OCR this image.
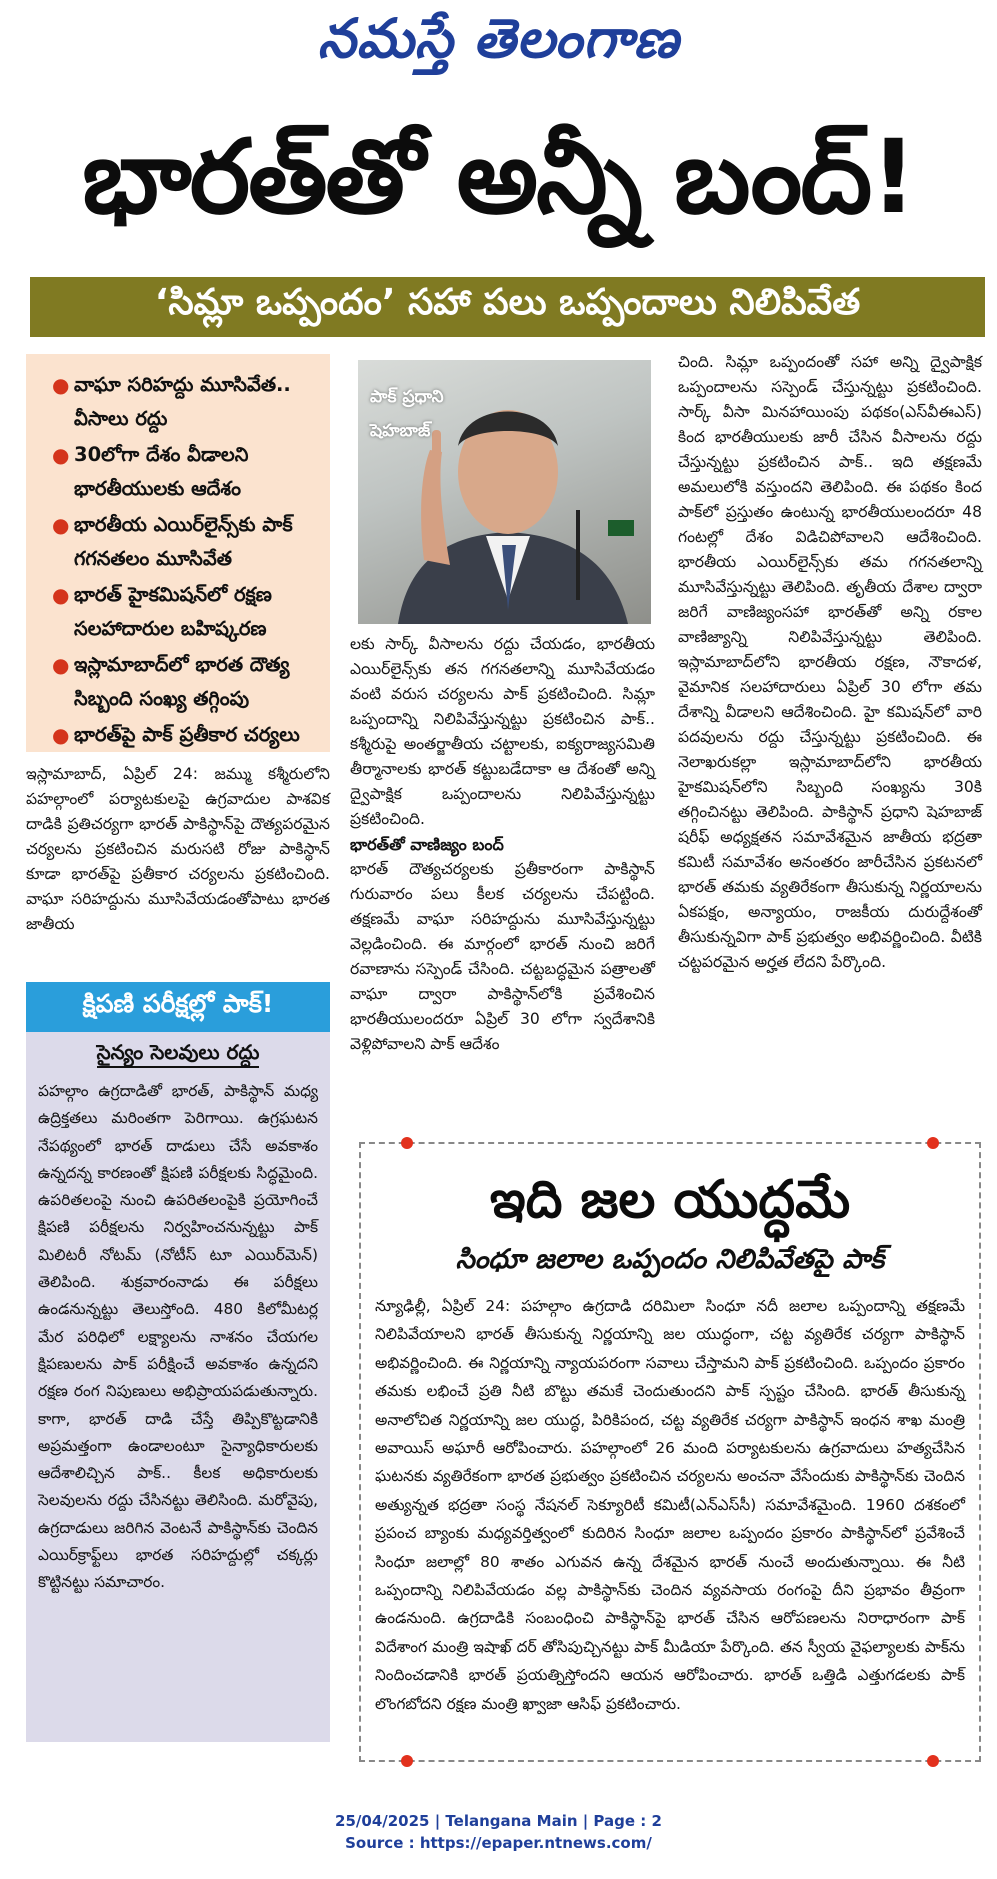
నమస్తే తెలంగాణ
భారత్‌తో అన్నీ బంద్!
‘సిమ్లా ఒప్పందం’ సహా పలు ఒప్పందాలు నిలిపివేత
● వాఘా సరిహద్దు మూసివేత.. వీసాలు రద్దు
● 30లోగా దేశం వీడాలని భారతీయులకు ఆదేశం
● భారతీయ ఎయిర్‌లైన్స్‌కు పాక్ గగనతలం మూసివేత
● భారత్ హైకమిషన్‌లో రక్షణ సలహాదారుల బహిష్కరణ
● ఇస్లామాబాద్‌లో భారత దౌత్య సిబ్బంది సంఖ్య తగ్గింపు
● భారత్‌పై పాక్ ప్రతీకార చర్యలు

ఇస్లామాబాద్, ఏప్రిల్ 24: జమ్ము కశ్మీరులోని పహల్గాంలో పర్యాటకులపై ఉగ్రవాదుల పాశవిక దాడికి ప్రతిచర్యగా భారత్ పాకిస్థాన్‌పై దౌత్యపరమైన చర్యలను ప్రకటించిన మరుసటి రోజు పాకిస్థాన్ కూడా భారత్‌పై ప్రతీకార చర్యలను ప్రకటించింది. వాఘా సరిహద్దును మూసివేయడంతోపాటు భారత జాతీయ

పాక్ ప్రధాని షెహబాజ్

లకు సార్క్ వీసాలను రద్దు చేయడం, భారతీయ ఎయిర్‌లైన్స్‌కు తన గగనతలాన్ని మూసివేయడం వంటి వరుస చర్యలను పాక్ ప్రకటించింది. సిమ్లా ఒప్పందాన్ని నిలిపివేస్తున్నట్టు ప్రకటించిన పాక్.. కశ్మీరుపై అంతర్జాతీయ చట్టాలకు, ఐక్యరాజ్యసమితి తీర్మానాలకు భారత్ కట్టుబడేదాకా ఆ దేశంతో అన్ని ద్వైపాక్షిక ఒప్పందాలను నిలిపివేస్తున్నట్టు ప్రకటించింది.

భారత్‌తో వాణిజ్యం బంద్

భారత్ దౌత్యచర్యలకు ప్రతీకారంగా పాకిస్థాన్ గురువారం పలు కీలక చర్యలను చేపట్టింది. తక్షణమే వాఘా సరిహద్దును మూసివేస్తున్నట్టు వెల్లడించింది. ఈ మార్గంలో భారత్ నుంచి జరిగే రవాణాను సస్పెండ్ చేసింది. చట్టబద్ధమైన పత్రాలతో వాఘా ద్వారా పాకిస్థాన్‌లోకి ప్రవేశించిన భారతీయులందరూ ఏప్రిల్ 30 లోగా స్వదేశానికి వెళ్లిపోవాలని పాక్ ఆదేశం

చింది. సిమ్లా ఒప్పందంతో సహా అన్ని ద్వైపాక్షిక ఒప్పందాలను సస్పెండ్ చేస్తున్నట్టు ప్రకటించింది. సార్క్ వీసా మినహాయింపు పథకం(ఎస్‌వీఈఎస్) కింద భారతీయులకు జారీ చేసిన వీసాలను రద్దు చేస్తున్నట్టు ప్రకటించిన పాక్.. ఇది తక్షణమే అమలులోకి వస్తుందని తెలిపింది. ఈ పథకం కింద పాక్‌లో ప్రస్తుతం ఉంటున్న భారతీయులందరూ 48 గంటల్లో దేశం విడిచిపోవాలని ఆదేశించింది. భారతీయ ఎయిర్‌లైన్స్‌కు తమ గగనతలాన్ని మూసివేస్తున్నట్టు తెలిపింది. తృతీయ దేశాల ద్వారా జరిగే వాణిజ్యంసహా భారత్‌తో అన్ని రకాల వాణిజ్యాన్ని నిలిపివేస్తున్నట్టు తెలిపింది. ఇస్లామాబాద్‌లోని భారతీయ రక్షణ, నౌకాదళ, వైమానిక సలహాదారులు ఏప్రిల్ 30 లోగా తమ దేశాన్ని వీడాలని ఆదేశించింది. హై కమిషన్‌లో వారి పదవులను రద్దు చేస్తున్నట్టు ప్రకటించింది. ఈ నెలాఖరుకల్లా ఇస్లామాబాద్‌లోని భారతీయ హైకమిషన్‌లోని సిబ్బంది సంఖ్యను 30కి తగ్గించినట్టు తెలిపింది. పాకిస్థాన్ ప్రధాని షెహబాజ్ షరీఫ్ అధ్యక్షతన సమావేశమైన జాతీయ భద్రతా కమిటీ సమావేశం అనంతరం జారీచేసిన ప్రకటనలో భారత్ తమకు వ్యతిరేకంగా తీసుకున్న నిర్ణయాలను ఏకపక్షం, అన్యాయం, రాజకీయ దురుద్దేశంతో తీసుకున్నవిగా పాక్ ప్రభుత్వం అభివర్ణించింది. వీటికి చట్టపరమైన అర్హత లేదని పేర్కొంది.

క్షిపణి పరీక్షల్లో పాక్!
సైన్యం సెలవులు రద్దు
పహల్గాం ఉగ్రదాడితో భారత్, పాకిస్థాన్ మధ్య ఉద్రిక్తతలు మరింతగా పెరిగాయి. ఉగ్రఘటన నేపథ్యంలో భారత్ దాడులు చేసే అవకాశం ఉన్నదన్న కారణంతో క్షిపణి పరీక్షలకు సిద్ధమైంది. ఉపరితలంపై నుంచి ఉపరితలంపైకి ప్రయోగించే క్షిపణి పరీక్షలను నిర్వహించనున్నట్టు పాక్ మిలిటరీ నోటమ్ (నోటీస్ టూ ఎయిర్‌మెన్) తెలిపింది. శుక్రవారంనాడు ఈ పరీక్షలు ఉండనున్నట్టు తెలుస్తోంది. 480 కిలోమీటర్ల మేర పరిధిలో లక్ష్యాలను నాశనం చేయగల క్షిపణులను పాక్ పరీక్షించే అవకాశం ఉన్నదని రక్షణ రంగ నిపుణులు అభిప్రాయపడుతున్నారు. కాగా, భారత్ దాడి చేస్తే తిప్పికొట్టడానికి అప్రమత్తంగా ఉండాలంటూ సైన్యాధికారులకు ఆదేశాలిచ్చిన పాక్.. కీలక అధికారులకు సెలవులను రద్దు చేసినట్టు తెలిసింది. మరోవైపు, ఉగ్రదాడులు జరిగిన వెంటనే పాకిస్థాన్‌కు చెందిన ఎయిర్‌క్రాఫ్ట్‌లు భారత సరిహద్దుల్లో చక్కర్లు కొట్టినట్టు సమాచారం.
ఇది జల యుద్ధమే
సింధూ జలాల ఒప్పందం నిలిపివేతపై పాక్
న్యూఢిల్లీ, ఏప్రిల్ 24: పహల్గాం ఉగ్రదాడి దరిమిలా సింధూ నదీ జలాల ఒప్పందాన్ని తక్షణమే నిలిపివేయాలని భారత్ తీసుకున్న నిర్ణయాన్ని జల యుద్ధంగా, చట్ట వ్యతిరేక చర్యగా పాకిస్థాన్ అభివర్ణించింది. ఈ నిర్ణయాన్ని న్యాయపరంగా సవాలు చేస్తామని పాక్ ప్రకటించింది. ఒప్పందం ప్రకారం తమకు లభించే ప్రతి నీటి బొట్టు తమకే చెందుతుందని పాక్ స్పష్టం చేసింది. భారత్ తీసుకున్న అనాలోచిత నిర్ణయాన్ని జల యుద్ధ, పిరికిపంద, చట్ట వ్యతిరేక చర్యగా పాకిస్థాన్ ఇంధన శాఖ మంత్రి అవాయిస్ అఘారీ ఆరోపించారు. పహల్గాంలో 26 మంది పర్యాటకులను ఉగ్రవాదులు హత్యచేసిన ఘటనకు వ్యతిరేకంగా భారత ప్రభుత్వం ప్రకటించిన చర్యలను అంచనా వేసేందుకు పాకిస్థాన్‌కు చెందిన అత్యున్నత భద్రతా సంస్థ నేషనల్ సెక్యూరిటీ కమిటీ(ఎన్‌ఎస్‌సీ) సమావేశమైంది. 1960 దశకంలో ప్రపంచ బ్యాంకు మధ్యవర్తిత్వంలో కుదిరిన సింధూ జలాల ఒప్పందం ప్రకారం పాకిస్థాన్‌లో ప్రవేశించే సింధూ జలాల్లో 80 శాతం ఎగువన ఉన్న దేశమైన భారత్ నుంచే అందుతున్నాయి. ఈ నీటి ఒప్పందాన్ని నిలిపివేయడం వల్ల పాకిస్థాన్‌కు చెందిన వ్యవసాయ రంగంపై దీని ప్రభావం తీవ్రంగా ఉండనుంది. ఉగ్రదాడికి సంబంధించి పాకిస్థాన్‌పై భారత్ చేసిన ఆరోపణలను నిరాధారంగా పాక్ విదేశాంగ మంత్రి ఇషాఖ్ దర్ తోసిపుచ్చినట్టు పాక్ మీడియా పేర్కొంది. తన స్వీయ వైఫల్యాలకు పాక్‌ను నిందించడానికి భారత్ ప్రయత్నిస్తోందని ఆయన ఆరోపించారు. భారత్ ఒత్తిడి ఎత్తుగడలకు పాక్ లొంగబోదని రక్షణ మంత్రి ఖ్వాజా ఆసిఫ్ ప్రకటించారు.
25/04/2025 | Telangana Main | Page : 2
Source : https://epaper.ntnews.com/
